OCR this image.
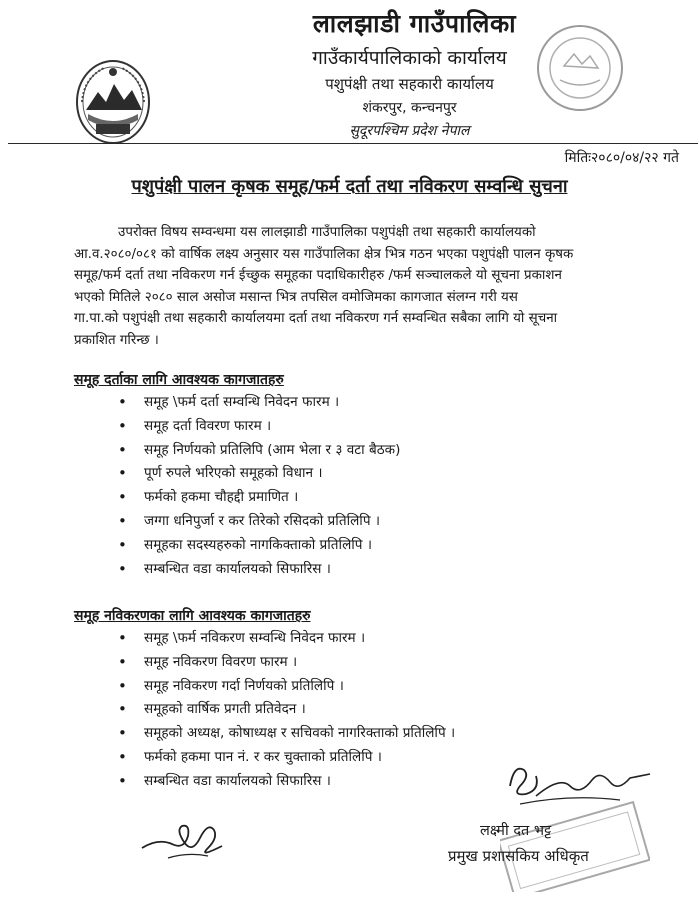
लालझाडी गाउँपालिका
गाउँकार्यपालिकाको कार्यालय
पशुपंक्षी तथा सहकारी कार्यालय
शंकरपुर, कन्चनपुर
सुदूरपश्चिम प्रदेश नेपाल
मितिः२०८०/०४/२२ गते
पशुपंक्षी पालन कृषक समूह/फर्म दर्ता तथा नविकरण सम्वन्धि सुचना
उपरोक्त विषय सम्वन्धमा यस लालझाडी गाउँपालिका पशुपंक्षी तथा सहकारी कार्यालयको
आ.व.२०८०/०८१ को वार्षिक लक्ष्य अनुसार यस गाउँपालिका क्षेत्र भित्र गठन भएका पशुपंक्षी पालन कृषक
समूह/फर्म दर्ता तथा नविकरण गर्न ईच्छुक समूहका पदाधिकारीहरु /फर्म सञ्चालकले यो सूचना प्रकाशन
भएको मितिले २०८० साल असोज मसान्त भित्र तपसिल वमोजिमका कागजात संलग्न गरी यस
गा.पा.को पशुपंक्षी तथा सहकारी कार्यालयमा दर्ता तथा नविकरण गर्न सम्वन्धित सबैका लागि यो सूचना
प्रकाशित गरिन्छ ।
समूह दर्ताका लागि आवश्यक कागजातहरु
• समूह \फर्म दर्ता सम्वन्धि निवेदन फारम ।
• समूह दर्ता विवरण फारम ।
• समूह निर्णयको प्रतिलिपि (आम भेला र ३ वटा बैठक)
• पूर्ण रुपले भरिएको समूहको विधान ।
• फर्मको हकमा चौहद्दी प्रमाणित ।
• जग्गा धनिपुर्जा र कर तिरेको रसिदको प्रतिलिपि ।
• समूहका सदस्यहरुको नागकिक्ताको प्रतिलिपि ।
• सम्बन्धित वडा कार्यालयको सिफारिस ।
समूह नविकरणका लागि आवश्यक कागजातहरु
• समूह \फर्म नविकरण सम्वन्धि निवेदन फारम ।
• समूह नविकरण विवरण फारम ।
• समूह नविकरण गर्दा निर्णयको प्रतिलिपि ।
• समूहको वार्षिक प्रगती प्रतिवेदन ।
• समूहको अध्यक्ष, कोषाध्यक्ष र सचिवको नागरिक्ताको प्रतिलिपि ।
• फर्मको हकमा पान नं. र कर चुक्ताको प्रतिलिपि ।
• सम्बन्धित वडा कार्यालयको सिफारिस ।
लक्ष्मी दत भट्ट
प्रमुख प्रशासकिय अधिकृत
